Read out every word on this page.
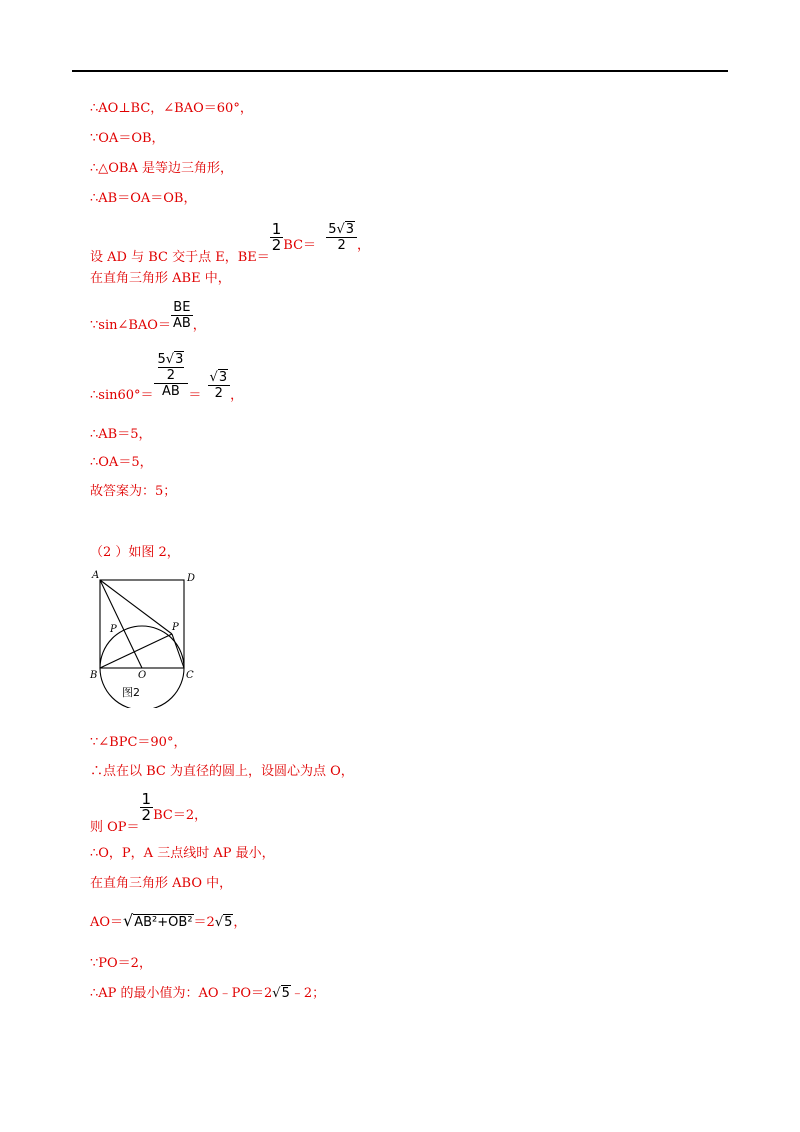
∴AO⊥BC，∠BAO＝60°，
∵OA＝OB，
∴△OBA 是等边三角形，
∴AB＝OA＝OB，
设 AD 与 BC 交于点 E，BE＝
$\frac{1}{2} BC= \frac{5√3}{2}$ ，
在直角三角形 ABE 中，
∵sin∠BAO＝ $\frac{BE}{AB}$ ，
∴sin60°＝ $\frac{\frac{5√3}{2}}{AB} = \frac{√3}{2}$ ，
∴AB＝5，
∴OA＝5，
故答案为：5；
（2 ）如图 2，
A	D
B	C
O
P	P
图2
∵∠BPC＝90°，
∴点在以 BC 为直径的圆上，设圆心为点 O，
则 OP＝
$\frac{1}{2} BC=2$，
∴O，P，A 三点线时 AP 最小，
在直角三角形 ABO 中，
AO＝√AB²+OB²＝2√5，
∵PO＝2，
∴AP 的最小值为：AO﹣PO＝2√5﹣2；
